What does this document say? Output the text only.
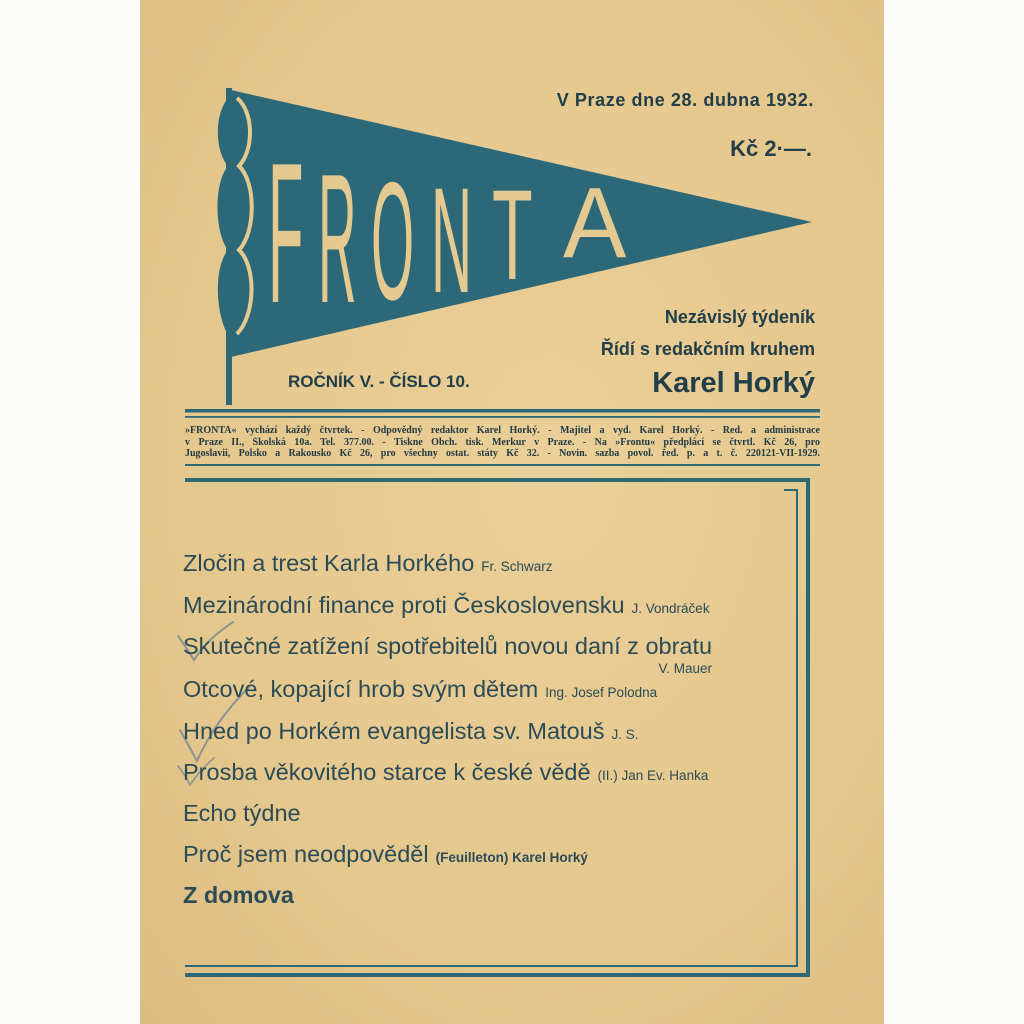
F R O N T A
V Praze dne 28. dubna 1932.
Kč 2·—.
Nezávislý týdeník
Řídí s redakčním kruhem
Karel Horký
ROČNÍK V. - ČÍSLO 10.
»FRONTA« vychází každý čtvrtek. - Odpovědný redaktor Karel Horký. - Majitel a vyd. Karel Horký. - Red. a administrace
v Praze II., Školská 10a. Tel. 377.00. - Tiskne Obch. tisk. Merkur v Praze. - Na »Frontu« předplácí se čtvrtl. Kč 26, pro
Jugoslavii, Polsko a Rakousko Kč 26, pro všechny ostat. státy Kč 32. - Novin. sazba povol. řed. p. a t. č. 220121-VII-1929.
Zločin a trest Karla Horkého Fr. Schwarz
Mezinárodní finance proti Československu J. Vondráček
Skutečné zatížení spotřebitelů novou daní z obratu
V. Mauer
Otcové, kopající hrob svým dětem Ing. Josef Polodna
Hned po Horkém evangelista sv. Matouš J. S.
Prosba věkovitého starce k české vědě (II.) Jan Ev. Hanka
Echo týdne
Proč jsem neodpověděl (Feuilleton) Karel Horký
Z domova
